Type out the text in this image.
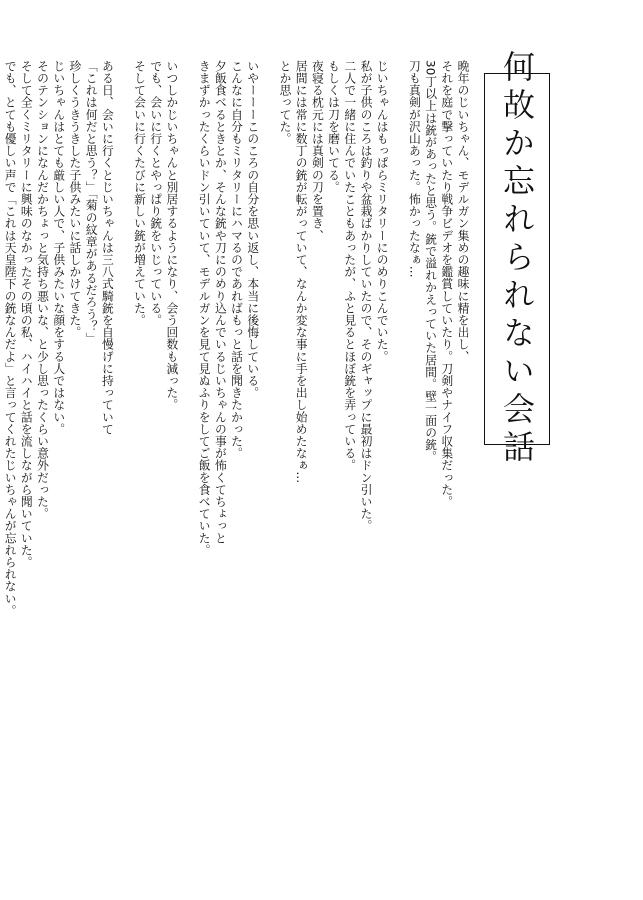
何故か忘れられない会話
晩年のじいちゃん、モデルガン集めの趣味に精を出し、
それを庭で撃っていたり戦争ビデオを鑑賞していたり。刀剣やナイフ収集だった。
30丁以上は銃があったと思う。銃で溢れかえっていた居間。壁一面の銃。
刀も真剣が沢山あった。怖かったなぁ…
じいちゃんはもっぱらミリタリーにのめりこんでいた。
私が子供のころは釣りや盆栽ばかりしていたので、そのギャップに最初はドン引いた。
二人で一緒に住んでいたこともあったが、ふと見るとほぼ銃を弄っている。
もしくは刀を磨いてる。
夜寝る枕元には真剣の刀を置き、
居間には常に数丁の銃が転がっていて、なんか変な事に手を出し始めたなぁ…
とか思ってた。
いやーーーこのころの自分を思い返し、本当に後悔している。
こんなに自分もミリタリーにハマるのであればもっと話を聞きたかった。
夕飯食べるときとか、そんな銃や刀にのめり込んでいるじいちゃんの事が怖くてちょっと
きまずかったくらいドン引いていて、モデルガンを見て見ぬふりをしてご飯を食べていた。
いつしかじいちゃんと別居するようになり、会う回数も減った。
でも、会いに行くとやっぱり銃をいじっている。
そして会いに行くたびに新しい銃が増えていた。
ある日、会いに行くとじいちゃんは三八式騎銃を自慢げに持っていて
「これは何だと思う？」「菊の紋章があるだろう？」
珍しくうきうきした子供みたいに話しかけてきた。
じいちゃんはとても厳しい人で、子供みたいな顔をする人ではない。
そのテンションになんだかちょっと気持ち悪いな、と少し思ったくらい意外だった。
そして全くミリタリーに興味のなかったその頃の私、ハイハイと話を流しながら聞いていた。
でも、とても優しい声で「これは天皇陛下の銃なんだよ」と言ってくれたじいちゃんが忘れられない。
